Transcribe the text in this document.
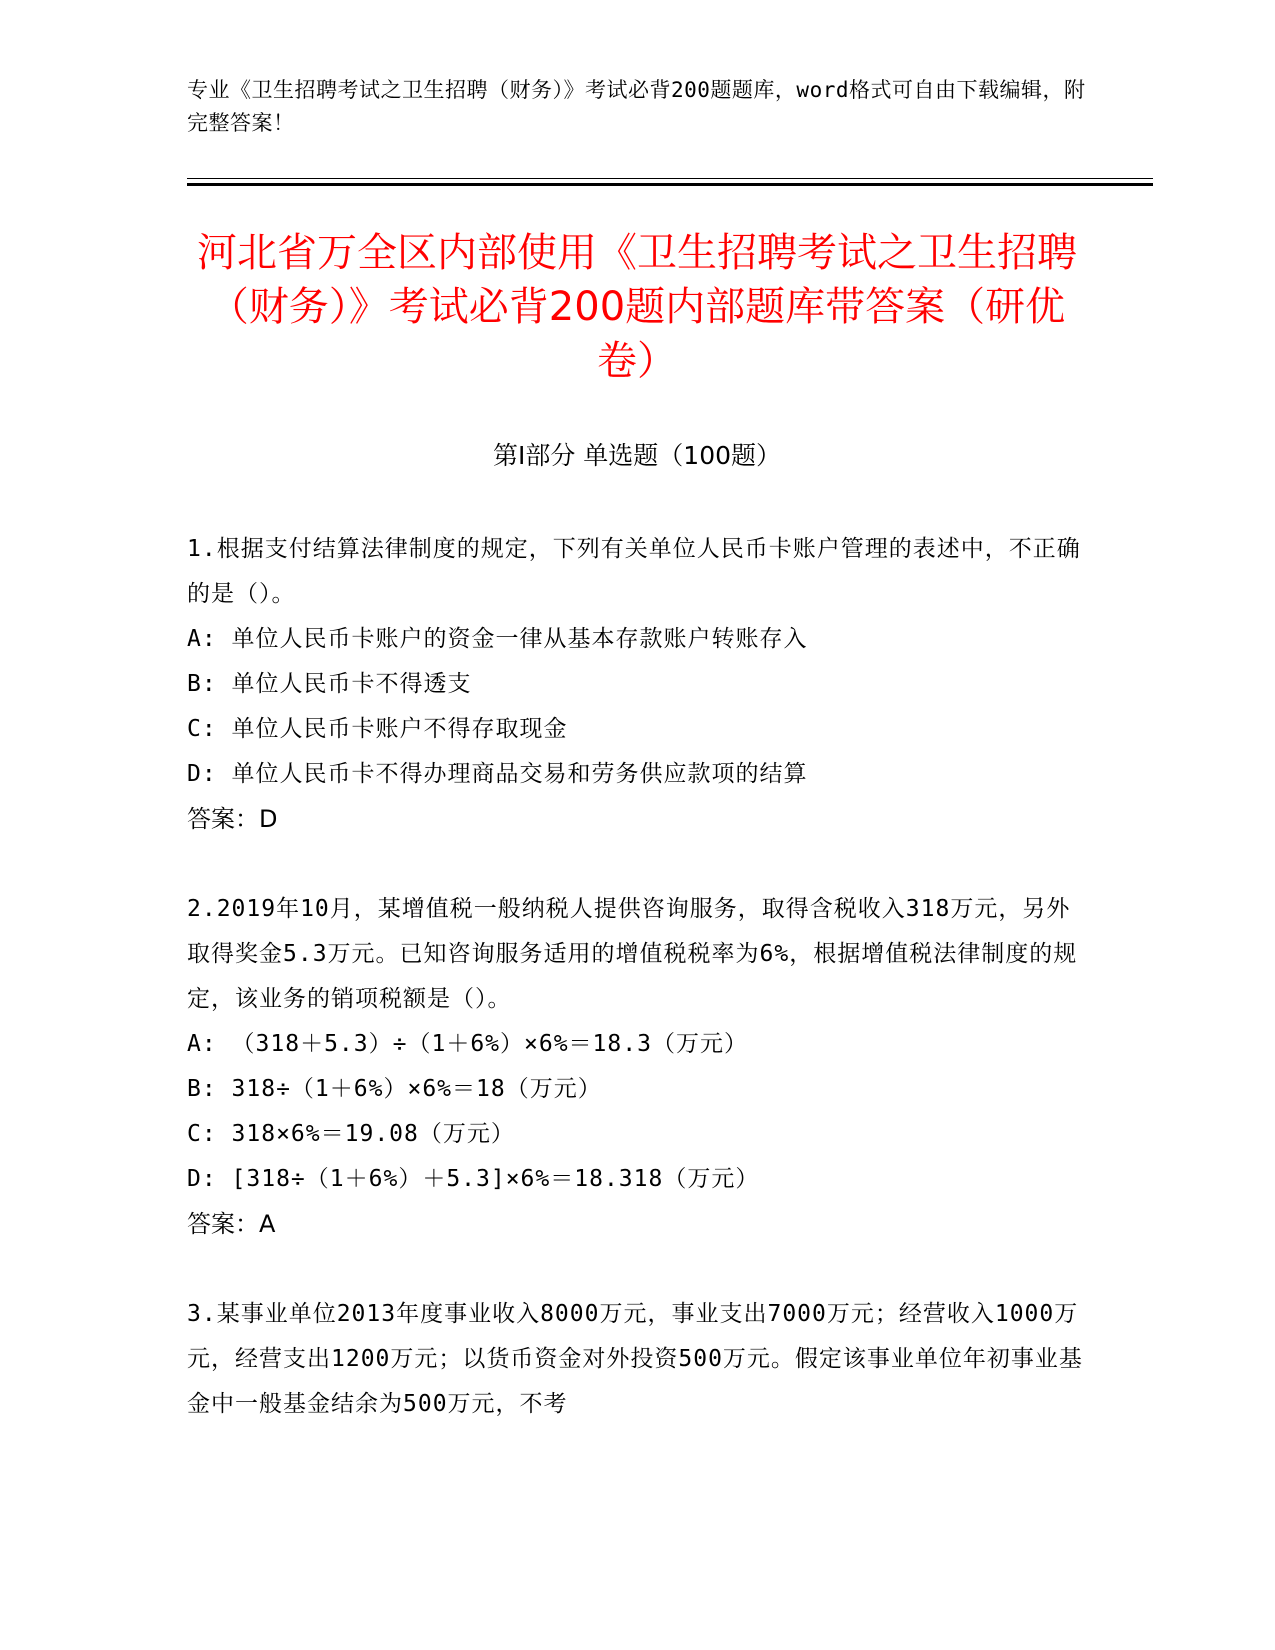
专业《卫生招聘考试之卫生招聘（财务）》考试必背200题题库，word格式可自由下载编辑，附完整答案！
河北省万全区内部使用《卫生招聘考试之卫生招聘（财务）》考试必背200题内部题库带答案（研优卷）
第Ⅰ部分 单选题（100题）
1.根据支付结算法律制度的规定，下列有关单位人民币卡账户管理的表述中，不正确的是（）。
A: 单位人民币卡账户的资金一律从基本存款账户转账存入
B: 单位人民币卡不得透支
C: 单位人民币卡账户不得存取现金
D: 单位人民币卡不得办理商品交易和劳务供应款项的结算
答案：D
2.2019年10月，某增值税一般纳税人提供咨询服务，取得含税收入318万元，另外取得奖金5.3万元。已知咨询服务适用的增值税税率为6%，根据增值税法律制度的规定，该业务的销项税额是（）。
A: （318＋5.3）÷（1＋6%）×6%＝18.3（万元）
B: 318÷（1＋6%）×6%＝18（万元）
C: 318×6%＝19.08（万元）
D: [318÷（1＋6%）＋5.3]×6%＝18.318（万元）
答案：A
3.某事业单位2013年度事业收入8000万元，事业支出7000万元；经营收入1000万元，经营支出1200万元；以货币资金对外投资500万元。假定该事业单位年初事业基金中一般基金结余为500万元，不考
